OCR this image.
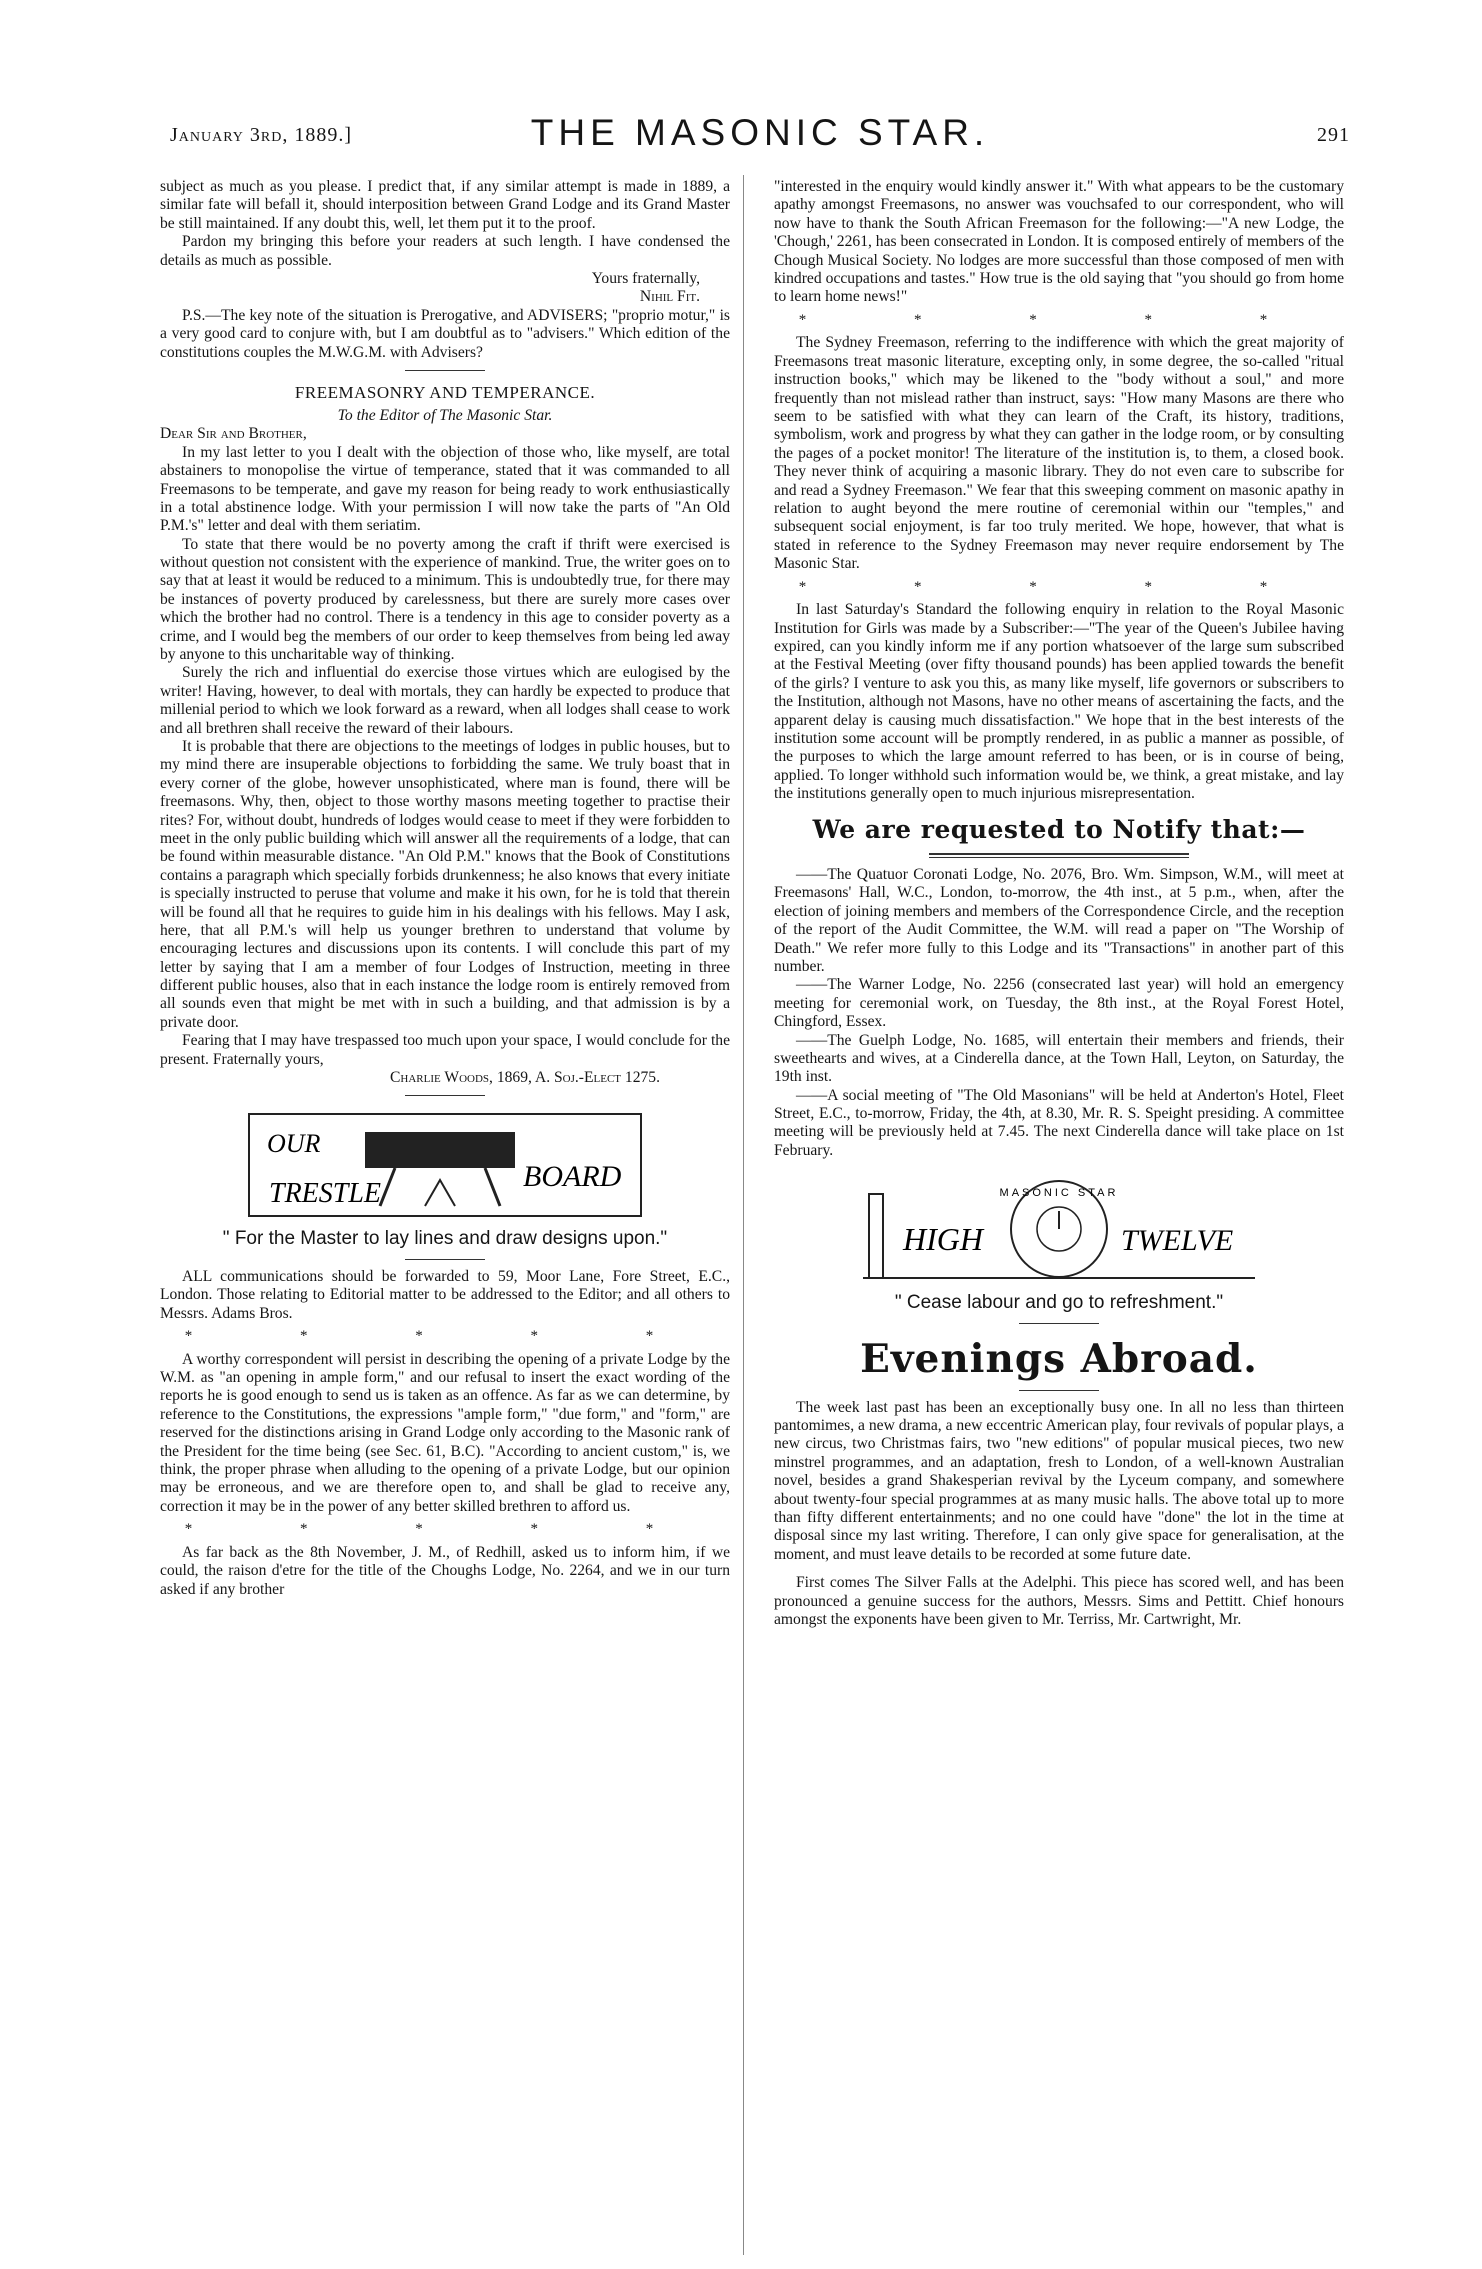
January 3rd, 1889.]	THE MASONIC STAR.	291

subject as much as you please. I predict that, if any similar attempt is made in 1889, a similar fate will befall it, should interposition between Grand Lodge and its Grand Master be still maintained. If any doubt this, well, let them put it to the proof.

Pardon my bringing this before your readers at such length. I have condensed the details as much as possible.

Yours fraternally,

Nihil Fit.

P.S.—The key note of the situation is Prerogative, and ADVISERS; "proprio motur," is a very good card to conjure with, but I am doubtful as to "advisers." Which edition of the constitutions couples the M.W.G.M. with Advisers?

FREEMASONRY AND TEMPERANCE.

To the Editor of The Masonic Star.

Dear Sir and Brother,

In my last letter to you I dealt with the objection of those who, like myself, are total abstainers to monopolise the virtue of temperance, stated that it was commanded to all Freemasons to be temperate, and gave my reason for being ready to work enthusiastically in a total abstinence lodge. With your permission I will now take the parts of "An Old P.M.'s" letter and deal with them seriatim.

To state that there would be no poverty among the craft if thrift were exercised is without question not consistent with the experience of mankind. True, the writer goes on to say that at least it would be reduced to a minimum. This is undoubtedly true, for there may be instances of poverty produced by carelessness, but there are surely more cases over which the brother had no control. There is a tendency in this age to consider poverty as a crime, and I would beg the members of our order to keep themselves from being led away by anyone to this uncharitable way of thinking.

Surely the rich and influential do exercise those virtues which are eulogised by the writer! Having, however, to deal with mortals, they can hardly be expected to produce that millenial period to which we look forward as a reward, when all lodges shall cease to work and all brethren shall receive the reward of their labours.

It is probable that there are objections to the meetings of lodges in public houses, but to my mind there are insuperable objections to forbidding the same. We truly boast that in every corner of the globe, however unsophisticated, where man is found, there will be freemasons. Why, then, object to those worthy masons meeting together to practise their rites? For, without doubt, hundreds of lodges would cease to meet if they were forbidden to meet in the only public building which will answer all the requirements of a lodge, that can be found within measurable distance. "An Old P.M." knows that the Book of Constitutions contains a paragraph which specially forbids drunkenness; he also knows that every initiate is specially instructed to peruse that volume and make it his own, for he is told that therein will be found all that he requires to guide him in his dealings with his fellows. May I ask, here, that all P.M.'s will help us younger brethren to understand that volume by encouraging lectures and discussions upon its contents. I will conclude this part of my letter by saying that I am a member of four Lodges of Instruction, meeting in three different public houses, also that in each instance the lodge room is entirely removed from all sounds even that might be met with in such a building, and that admission is by a private door.

Fearing that I may have trespassed too much upon your space, I would conclude for the present. Fraternally yours,

Charlie Woods, 1869, A. Soj.-Elect 1275.

OUR
TRESTLE
BOARD

" For the Master to lay lines and draw designs upon."

ALL communications should be forwarded to 59, Moor Lane, Fore Street, E.C., London. Those relating to Editorial matter to be addressed to the Editor; and all others to Messrs. Adams Bros.

* * * * *

A worthy correspondent will persist in describing the opening of a private Lodge by the W.M. as "an opening in ample form," and our refusal to insert the exact wording of the reports he is good enough to send us is taken as an offence. As far as we can determine, by reference to the Constitutions, the expressions "ample form," "due form," and "form," are reserved for the distinctions arising in Grand Lodge only according to the Masonic rank of the President for the time being (see Sec. 61, B.C). "According to ancient custom," is, we think, the proper phrase when alluding to the opening of a private Lodge, but our opinion may be erroneous, and we are therefore open to, and shall be glad to receive any, correction it may be in the power of any better skilled brethren to afford us.

* * * * *

As far back as the 8th November, J. M., of Redhill, asked us to inform him, if we could, the raison d'etre for the title of the Choughs Lodge, No. 2264, and we in our turn asked if any brother

"interested in the enquiry would kindly answer it." With what appears to be the customary apathy amongst Freemasons, no answer was vouchsafed to our correspondent, who will now have to thank the South African Freemason for the following:—"A new Lodge, the 'Chough,' 2261, has been consecrated in London. It is composed entirely of members of the Chough Musical Society. No lodges are more successful than those composed of men with kindred occupations and tastes." How true is the old saying that "you should go from home to learn home news!"

* * * * *

The Sydney Freemason, referring to the indifference with which the great majority of Freemasons treat masonic literature, excepting only, in some degree, the so-called "ritual instruction books," which may be likened to the "body without a soul," and more frequently than not mislead rather than instruct, says: "How many Masons are there who seem to be satisfied with what they can learn of the Craft, its history, traditions, symbolism, work and progress by what they can gather in the lodge room, or by consulting the pages of a pocket monitor! The literature of the institution is, to them, a closed book. They never think of acquiring a masonic library. They do not even care to subscribe for and read a Sydney Freemason." We fear that this sweeping comment on masonic apathy in relation to aught beyond the mere routine of ceremonial within our "temples," and subsequent social enjoyment, is far too truly merited. We hope, however, that what is stated in reference to the Sydney Freemason may never require endorsement by The Masonic Star.

* * * * *

In last Saturday's Standard the following enquiry in relation to the Royal Masonic Institution for Girls was made by a Subscriber:—"The year of the Queen's Jubilee having expired, can you kindly inform me if any portion whatsoever of the large sum subscribed at the Festival Meeting (over fifty thousand pounds) has been applied towards the benefit of the girls? I venture to ask you this, as many like myself, life governors or subscribers to the Institution, although not Masons, have no other means of ascertaining the facts, and the apparent delay is causing much dissatisfaction." We hope that in the best interests of the institution some account will be promptly rendered, in as public a manner as possible, of the purposes to which the large amount referred to has been, or is in course of being, applied. To longer withhold such information would be, we think, a great mistake, and lay the institutions generally open to much injurious misrepresentation.

We are requested to Notify that:—

——The Quatuor Coronati Lodge, No. 2076, Bro. Wm. Simpson, W.M., will meet at Freemasons' Hall, W.C., London, to-morrow, the 4th inst., at 5 p.m., when, after the election of joining members and members of the Correspondence Circle, and the reception of the report of the Audit Committee, the W.M. will read a paper on "The Worship of Death." We refer more fully to this Lodge and its "Transactions" in another part of this number.

——The Warner Lodge, No. 2256 (consecrated last year) will hold an emergency meeting for ceremonial work, on Tuesday, the 8th inst., at the Royal Forest Hotel, Chingford, Essex.

——The Guelph Lodge, No. 1685, will entertain their members and friends, their sweethearts and wives, at a Cinderella dance, at the Town Hall, Leyton, on Saturday, the 19th inst.

——A social meeting of "The Old Masonians" will be held at Anderton's Hotel, Fleet Street, E.C., to-morrow, Friday, the 4th, at 8.30, Mr. R. S. Speight presiding. A committee meeting will be previously held at 7.45. The next Cinderella dance will take place on 1st February.

MASONIC STAR
HIGH	TWELVE

" Cease labour and go to refreshment."

Evenings Abroad.

The week last past has been an exceptionally busy one. In all no less than thirteen pantomimes, a new drama, a new eccentric American play, four revivals of popular plays, a new circus, two Christmas fairs, two "new editions" of popular musical pieces, two new minstrel programmes, and an adaptation, fresh to London, of a well-known Australian novel, besides a grand Shakesperian revival by the Lyceum company, and somewhere about twenty-four special programmes at as many music halls. The above total up to more than fifty different entertainments; and no one could have "done" the lot in the time at disposal since my last writing. Therefore, I can only give space for generalisation, at the moment, and must leave details to be recorded at some future date.

First comes The Silver Falls at the Adelphi. This piece has scored well, and has been pronounced a genuine success for the authors, Messrs. Sims and Pettitt. Chief honours amongst the exponents have been given to Mr. Terriss, Mr. Cartwright, Mr.
